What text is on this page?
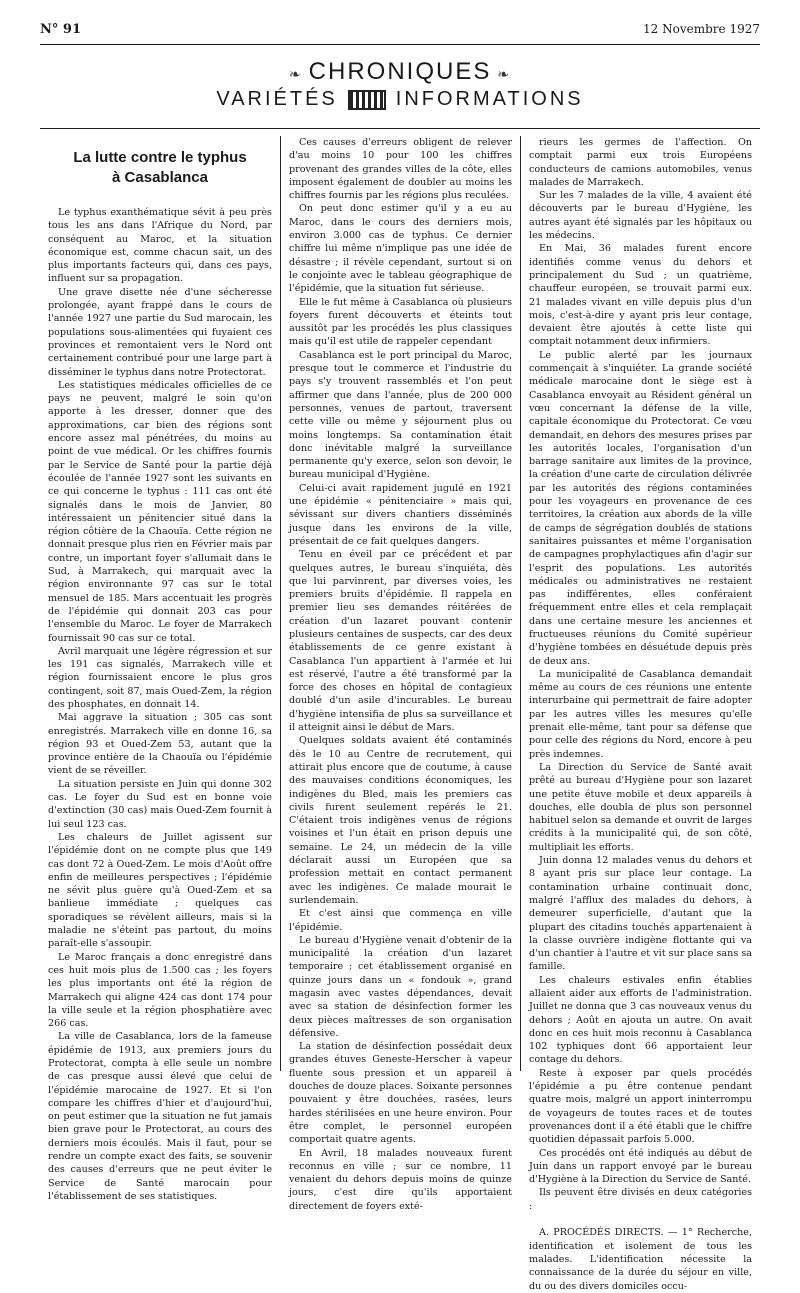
N° 91	12 Novembre 1927
❧ CHRONIQUES ❧
VARIÉTÉS	INFORMATIONS
La lutte contre le typhus
à Casablanca

Le typhus exanthématique sévit à peu près tous les ans dans l'Afrique du Nord, par conséquent au Maroc, et la situation économique est, comme chacun sait, un des plus importants facteurs qui, dans ces pays, influent sur sa propagation.

Une grave disette née d'une sécheresse prolongée, ayant frappé dans le cours de l'année 1927 une partie du Sud marocain, les populations sous-alimentées qui fuyaient ces provinces et remontaient vers le Nord ont certainement contribué pour une large part à disséminer le typhus dans notre Protectorat.

Les statistiques médicales officielles de ce pays ne peuvent, malgré le soin qu'on apporte à les dresser, donner que des approximations, car bien des régions sont encore assez mal pénétrées, du moins au point de vue médical. Or les chiffres fournis par le Service de Santé pour la partie déjà écoulée de l'année 1927 sont les suivants en ce qui concerne le typhus : 111 cas ont été signalés dans le mois de Janvier, 80 intéressaient un pénitencier situé dans la région côtière de la Chaouïa. Cette région ne donnait presque plus rien en Février mais par contre, un important foyer s'allumait dans le Sud, à Marrakech, qui marquait avec la région environnante 97 cas sur le total mensuel de 185. Mars accentuait les progrès de l'épidémie qui donnait 203 cas pour l'ensemble du Maroc. Le foyer de Marrakech fournissait 90 cas sur ce total.

Avril marquait une légère régression et sur les 191 cas signalés, Marrakech ville et région fournissaient encore le plus gros contingent, soit 87, mais Oued-Zem, la région des phosphates, en donnait 14.

Mai aggrave la situation ; 305 cas sont enregistrés. Marrakech ville en donne 16, sa région 93 et Oued-Zem 53, autant que la province entière de la Chaouïa ou l'épidémie vient de se réveiller.

La situation persiste en Juin qui donne 302 cas. Le foyer du Sud est en bonne voie d'extinction (30 cas) mais Oued-Zem fournit à lui seul 123 cas.

Les chaleurs de Juillet agissent sur l'épidémie dont on ne compte plus que 149 cas dont 72 à Oued-Zem. Le mois d'Août offre enfin de meilleures perspectives ; l'épidémie ne sévit plus guère qu'à Oued-Zem et sa banlieue immédiate ; quelques cas sporadiques se révèlent ailleurs, mais si la maladie ne s'éteint pas partout, du moins paraît-elle s'assoupir.

Le Maroc français a donc enregistré dans ces huit mois plus de 1.500 cas ; les foyers les plus importants ont été la région de Marrakech qui aligne 424 cas dont 174 pour la ville seule et la région phosphatière avec 266 cas.

La ville de Casablanca, lors de la fameuse épidémie de 1913, aux premiers jours du Protectorat, compta à elle seule un nombre de cas presque aussi élevé que celui de l'épidémie marocaine de 1927. Et si l'on compare les chiffres d'hier et d'aujourd'hui, on peut estimer que la situation ne fut jamais bien grave pour le Protectorat, au cours des derniers mois écoulés. Mais il faut, pour se rendre un compte exact des faits, se souvenir des causes d'erreurs que ne peut éviter le Service de Santé marocain pour l'établissement de ses statistiques.

Ces causes d'erreurs obligent de relever d'au moins 10 pour 100 les chiffres provenant des grandes villes de la côte, elles imposent également de doubler au moins les chiffres fournis par les régions plus reculées.

On peut donc estimer qu'il y a eu au Maroc, dans le cours des derniers mois, environ 3.000 cas de typhus. Ce dernier chiffre lui même n'implique pas une idée de désastre ; il révèle cependant, surtout si on le conjointe avec le tableau géographique de l'épidémie, que la situation fut sérieuse.

Elle le fut même à Casablanca où plusieurs foyers furent découverts et éteints tout aussitôt par les procédés les plus classiques mais qu'il est utile de rappeler cependant

Casablanca est le port principal du Maroc, presque tout le commerce et l'industrie du pays s'y trouvent rassemblés et l'on peut affirmer que dans l'année, plus de 200 000 personnes, venues de partout, traversent cette ville ou même y séjournent plus ou moins longtemps. Sa contamination était donc inévitable malgré la surveillance permanente qu'y exerce, selon son devoir, le bureau municipal d'Hygiène.

Celui-ci avait rapidement jugulé en 1921 une épidémie « pénitenciaire » mais qui, sévissant sur divers chantiers disséminés jusque dans les environs de la ville, présentait de ce fait quelques dangers.

Tenu en éveil par ce précédent et par quelques autres, le bureau s'inquiéta, dès que lui parvinrent, par diverses voies, les premiers bruits d'épidémie. Il rappela en premier lieu ses demandes réitérées de création d'un lazaret pouvant contenir plusieurs centaines de suspects, car des deux établissements de ce genre existant à Casablanca l'un appartient à l'armée et lui est réservé, l'autre a été transformé par la force des choses en hôpital de contagieux doublé d'un asile d'incurables. Le bureau d'hygiène intensifia de plus sa surveillance et il atteignit ainsi le début de Mars.

Quelques soldats avaient été contaminés dès le 10 au Centre de recrutement, qui attirait plus encore que de coutume, à cause des mauvaises conditions économiques, les indigènes du Bled, mais les premiers cas civils furent seulement repérés le 21. C'étaient trois indigènes venus de régions voisines et l'un était en prison depuis une semaine. Le 24, un médecin de la ville déclarait aussi un Européen que sa profession mettait en contact permanent avec les indigènes. Ce malade mourait le surlendemain.

Et c'est ainsi que commença en ville l'épidémie.

Le bureau d'Hygiène venait d'obtenir de la municipalité la création d'un lazaret temporaire ; cet établissement organisé en quinze jours dans un « fondouk », grand magasin avec vastes dépendances, devait avec sa station de désinfection former les deux pièces maîtresses de son organisation défensive.

La station de désinfection possédait deux grandes étuves Geneste-Herscher à vapeur fluente sous pression et un appareil à douches de douze places. Soixante personnes pouvaient y être douchées, rasées, leurs hardes stérilisées en une heure environ. Pour être complet, le personnel européen comportait quatre agents.

En Avril, 18 malades nouveaux furent reconnus en ville ; sur ce nombre, 11 venaient du dehors depuis moins de quinze jours, c'est dire qu'ils apportaient directement de foyers exté-

rieurs les germes de l'affection. On comptait parmi eux trois Européens conducteurs de camions automobiles, venus malades de Marrakech.

Sur les 7 malades de la ville, 4 avaient été découverts par le bureau d'Hygiène, les autres ayant été signalés par les hôpitaux ou les médecins.

En Mai, 36 malades furent encore identifiés comme venus du dehors et principalement du Sud ; un quatrième, chauffeur européen, se trouvait parmi eux. 21 malades vivant en ville depuis plus d'un mois, c'est-à-dire y ayant pris leur contage, devaient être ajoutés à cette liste qui comptait notamment deux infirmiers.

Le public alerté par les journaux commençait à s'inquiéter. La grande société médicale marocaine dont le siège est à Casablanca envoyait au Résident général un vœu concernant la défense de la ville, capitale économique du Protectorat. Ce vœu demandait, en dehors des mesures prises par les autorités locales, l'organisation d'un barrage sanitaire aux limites de la province, la création d'une carte de circulation délivrée par les autorités des régions contaminées pour les voyageurs en provenance de ces territoires, la création aux abords de la ville de camps de ségrégation doublés de stations sanitaires puissantes et même l'organisation de campagnes prophylactiques afin d'agir sur l'esprit des populations. Les autorités médicales ou administratives ne restaient pas indifférentes, elles conféraient fréquemment entre elles et cela remplaçait dans une certaine mesure les anciennes et fructueuses réunions du Comité supérieur d'hygiène tombées en désuétude depuis près de deux ans.

La municipalité de Casablanca demandait même au cours de ces réunions une entente interurbaine qui permettrait de faire adopter par les autres villes les mesures qu'elle prenait elle-même, tant pour sa défense que pour celle des régions du Nord, encore à peu près indemnes.

La Direction du Service de Santé avait prêté au bureau d'Hygiène pour son lazaret une petite étuve mobile et deux appareils à douches, elle doubla de plus son personnel habituel selon sa demande et ouvrit de larges crédits à la municipalité qui, de son côté, multipliait les efforts.

Juin donna 12 malades venus du dehors et 8 ayant pris sur place leur contage. La contamination urbaine continuait donc, malgré l'afflux des malades du dehors, à demeurer superficielle, d'autant que la plupart des citadins touchés appartenaient à la classe ouvrière indigène flottante qui va d'un chantier à l'autre et vit sur place sans sa famille.

Les chaleurs estivales enfin établies allaient aider aux efforts de l'administration. Juillet ne donna que 3 cas nouveaux venus du dehors ; Août en ajouta un autre. On avait donc en ces huit mois reconnu à Casablanca 102 typhiques dont 66 apportaient leur contage du dehors.

Reste à exposer par quels procédés l'épidémie a pu être contenue pendant quatre mois, malgré un apport ininterrompu de voyageurs de toutes races et de toutes provenances dont il a été établi que le chiffre quotidien dépassait parfois 5.000.

Ces procédés ont été indiqués au début de Juin dans un rapport envoyé par le bureau d'Hygiène à la Direction du Service de Santé.

Ils peuvent être divisés en deux catégories :

A. PROCÉDÉS DIRECTS. — 1° Recherche, identification et isolement de tous les malades. L'identification nécessite la connaissance de la durée du séjour en ville, du ou des divers domiciles occu-
